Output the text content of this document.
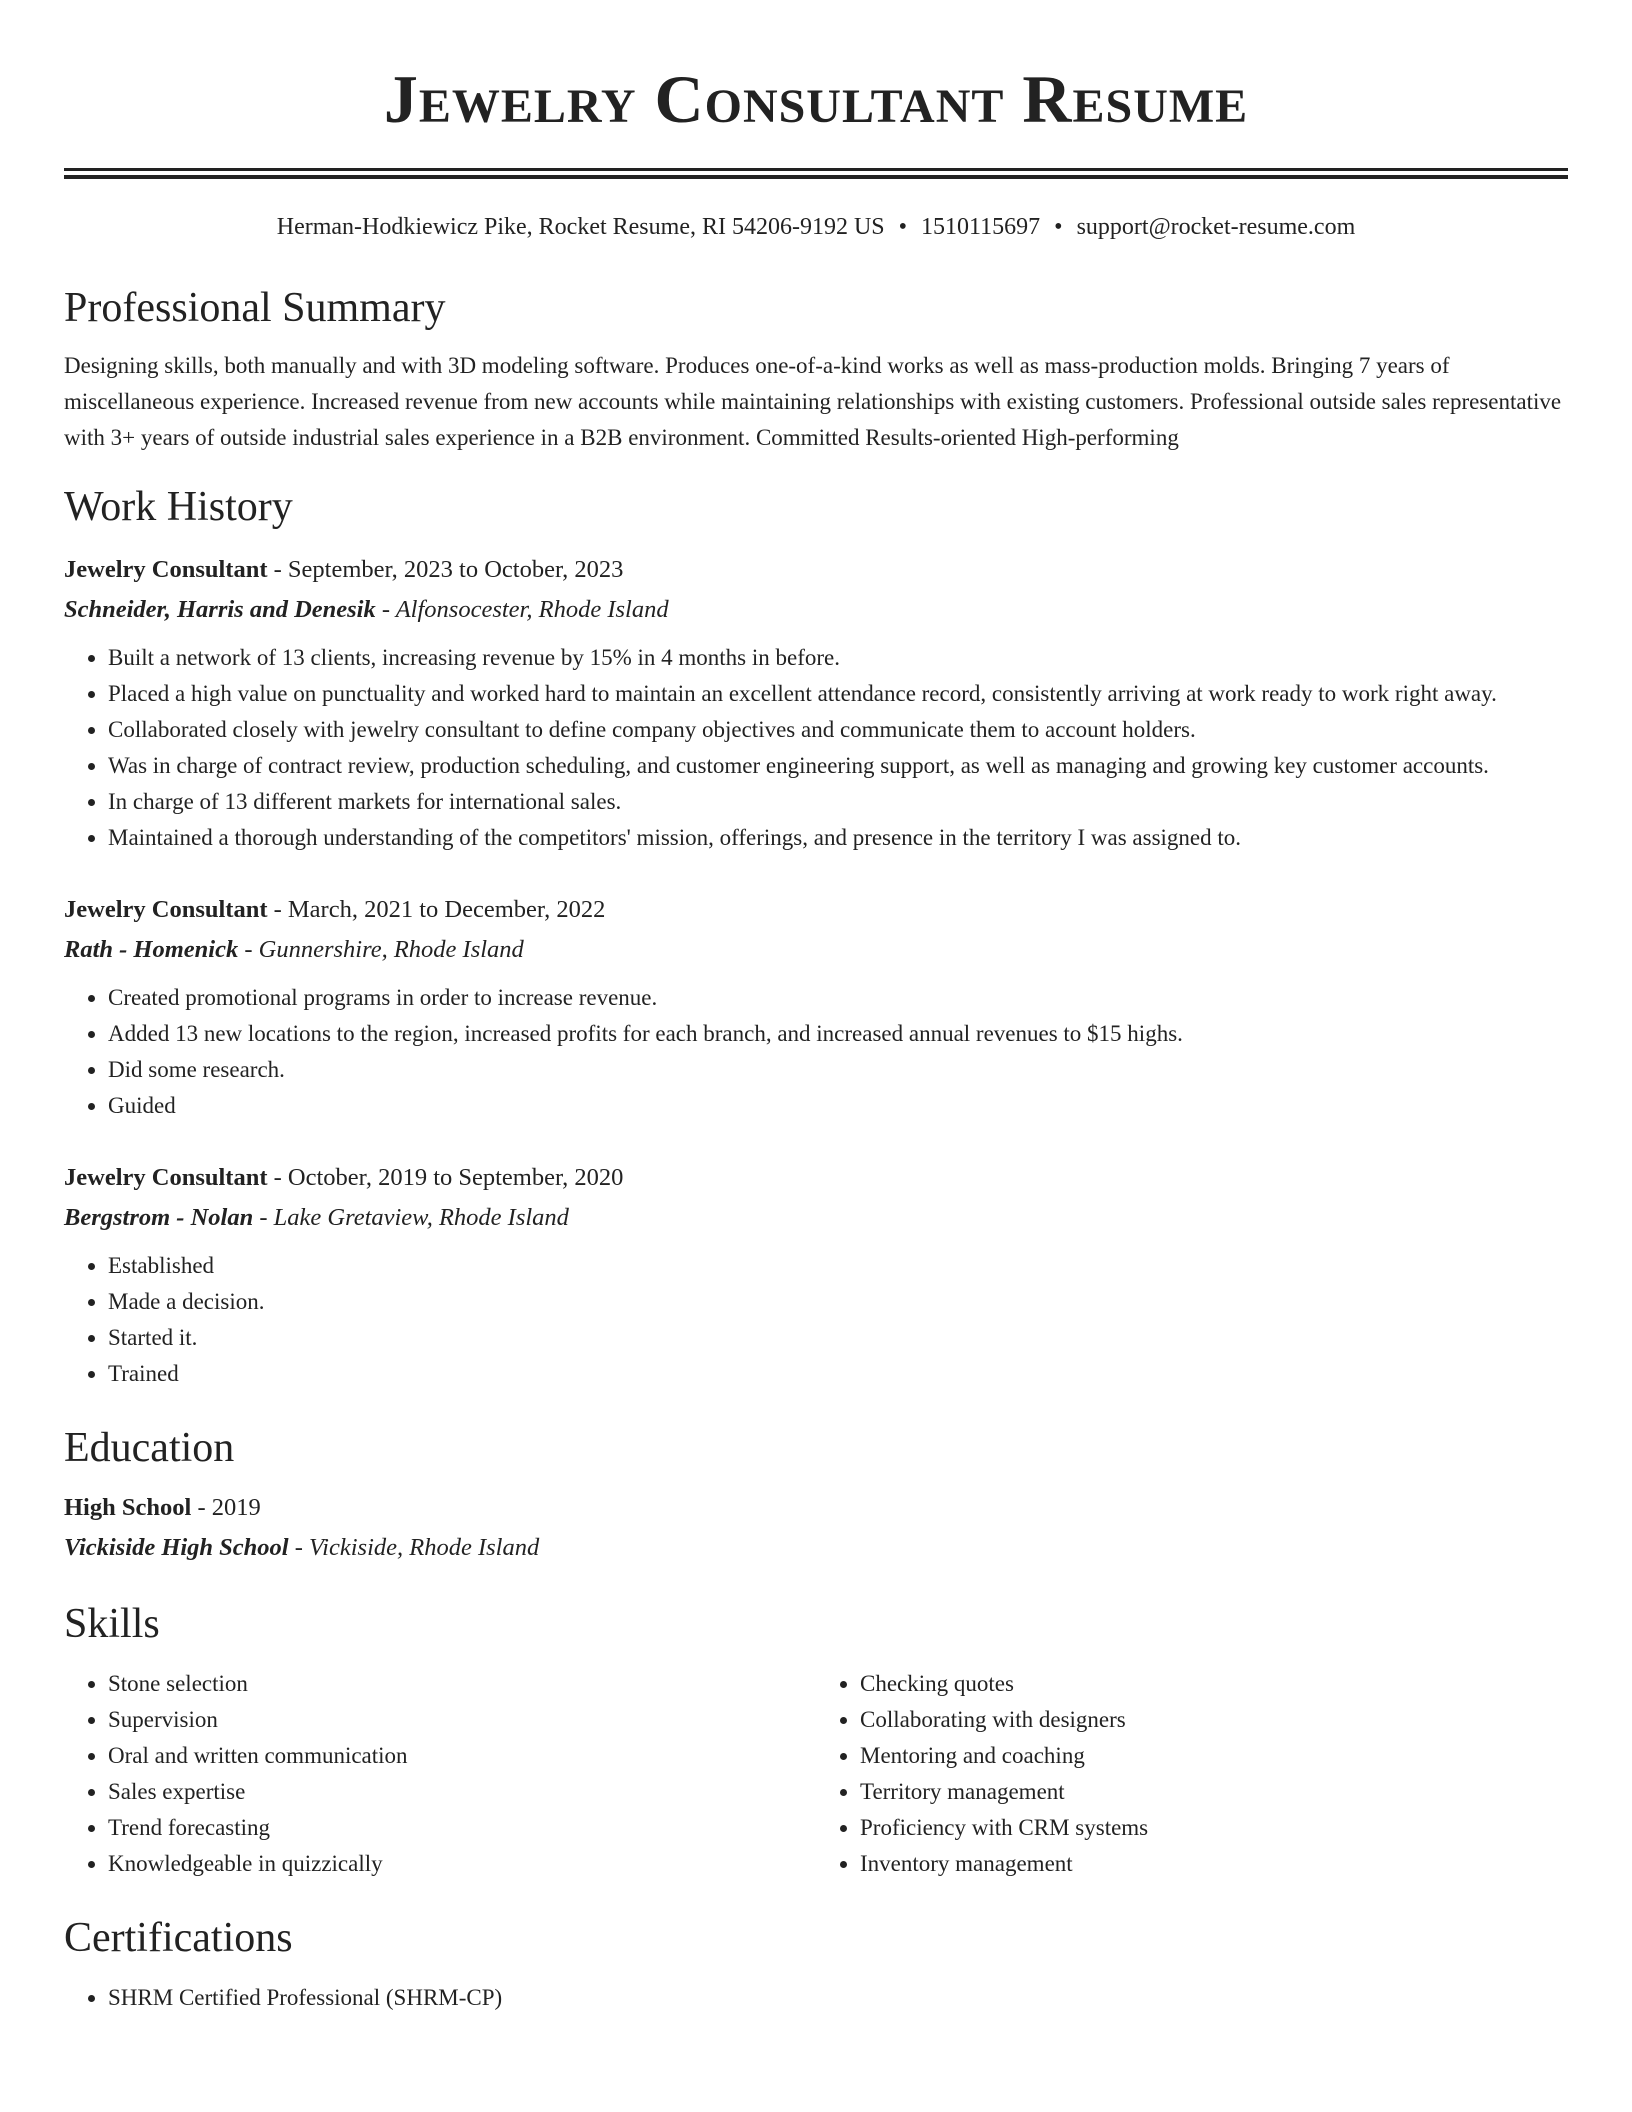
Jewelry Consultant Resume
Herman-Hodkiewicz Pike, Rocket Resume, RI 54206-9192 US • 1510115697 • support@rocket-resume.com
Professional Summary
Designing skills, both manually and with 3D modeling software. Produces one-of-a-kind works as well as mass-production molds. Bringing 7 years of miscellaneous experience. Increased revenue from new accounts while maintaining relationships with existing customers. Professional outside sales representative with 3+ years of outside industrial sales experience in a B2B environment. Committed Results-oriented High-performing
Work History
Jewelry Consultant - September, 2023 to October, 2023
Schneider, Harris and Denesik - Alfonsocester, Rhode Island
• Built a network of 13 clients, increasing revenue by 15% in 4 months in before.
• Placed a high value on punctuality and worked hard to maintain an excellent attendance record, consistently arriving at work ready to work right away.
• Collaborated closely with jewelry consultant to define company objectives and communicate them to account holders.
• Was in charge of contract review, production scheduling, and customer engineering support, as well as managing and growing key customer accounts.
• In charge of 13 different markets for international sales.
• Maintained a thorough understanding of the competitors' mission, offerings, and presence in the territory I was assigned to.
Jewelry Consultant - March, 2021 to December, 2022
Rath - Homenick - Gunnershire, Rhode Island
• Created promotional programs in order to increase revenue.
• Added 13 new locations to the region, increased profits for each branch, and increased annual revenues to $15 highs.
• Did some research.
• Guided
Jewelry Consultant - October, 2019 to September, 2020
Bergstrom - Nolan - Lake Gretaview, Rhode Island
• Established
• Made a decision.
• Started it.
• Trained
Education
High School - 2019
Vickiside High School - Vickiside, Rhode Island
Skills
• Stone selection
• Supervision
• Oral and written communication
• Sales expertise
• Trend forecasting
• Knowledgeable in quizzically
• Checking quotes
• Collaborating with designers
• Mentoring and coaching
• Territory management
• Proficiency with CRM systems
• Inventory management
Certifications
• SHRM Certified Professional (SHRM-CP)
